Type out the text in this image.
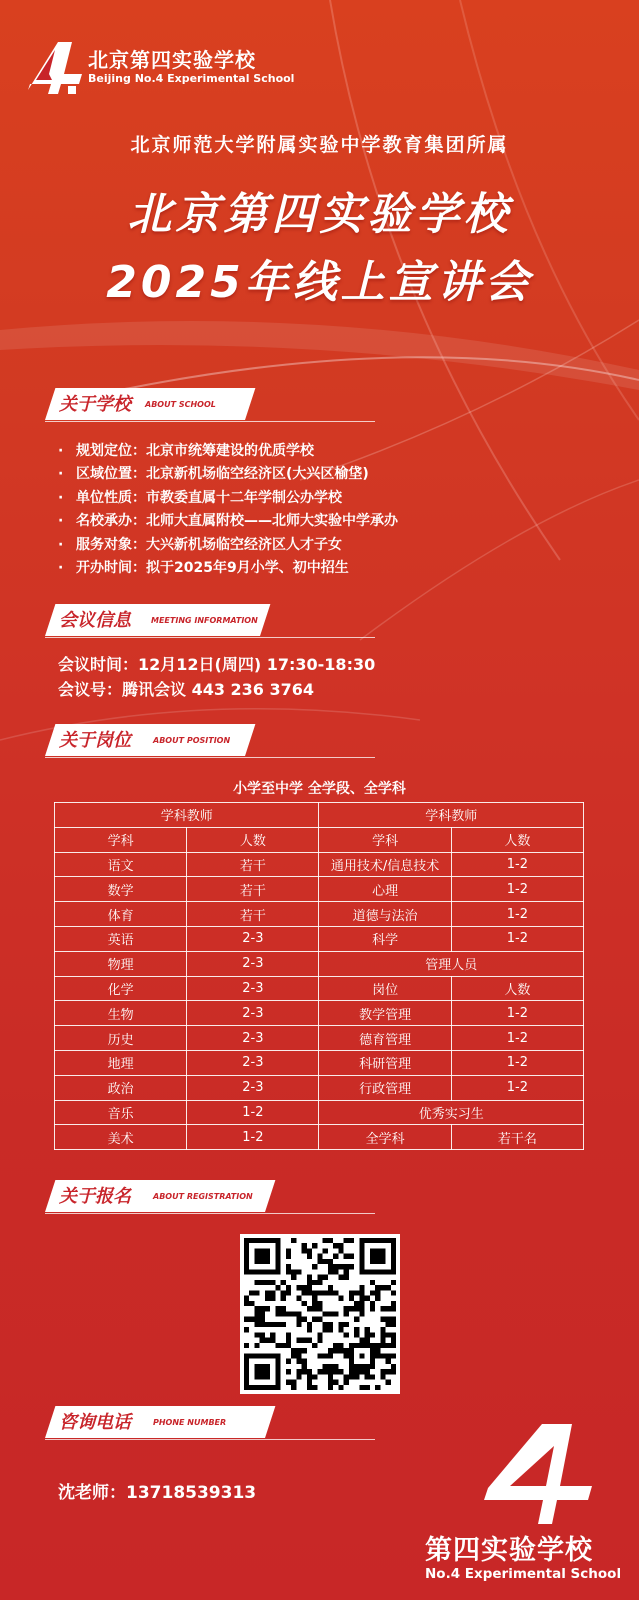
北京第四实验学校
Beijing No.4 Experimental School
北京师范大学附属实验中学教育集团所属
北京第四实验学校
2025年线上宣讲会
关于学校 ABOUT SCHOOL
· 规划定位：北京市统筹建设的优质学校
· 区域位置：北京新机场临空经济区(大兴区榆垡)
· 单位性质：市教委直属十二年学制公办学校
· 名校承办：北师大直属附校——北师大实验中学承办
· 服务对象：大兴新机场临空经济区人才子女
· 开办时间：拟于2025年9月小学、初中招生
会议信息	MEETING INFORMATION
会议时间：12月12日(周四) 17:30-18:30
会议号：腾讯会议 443 236 3764
关于岗位	ABOUT POSITION
小学至中学 全学段、全学科
学科教师		学科教师	
学科	人数	学科	人数
语文	若干	通用技术/信息技术	1-2
数学	若干	心理	1-2
体育	若干	道德与法治	1-2
英语	2-3	科学	1-2
物理	2-3	管理人员	
化学	2-3	岗位	人数
生物	2-3	教学管理	1-2
历史	2-3	德育管理	1-2
地理	2-3	科研管理	1-2
政治	2-3	行政管理	1-2
音乐	1-2	优秀实习生	
美术	1-2	全学科	若干名
关于报名	ABOUT REGISTRATION
咨询电话	PHONE NUMBER
沈老师：13718539313
第四实验学校
No.4 Experimental School
